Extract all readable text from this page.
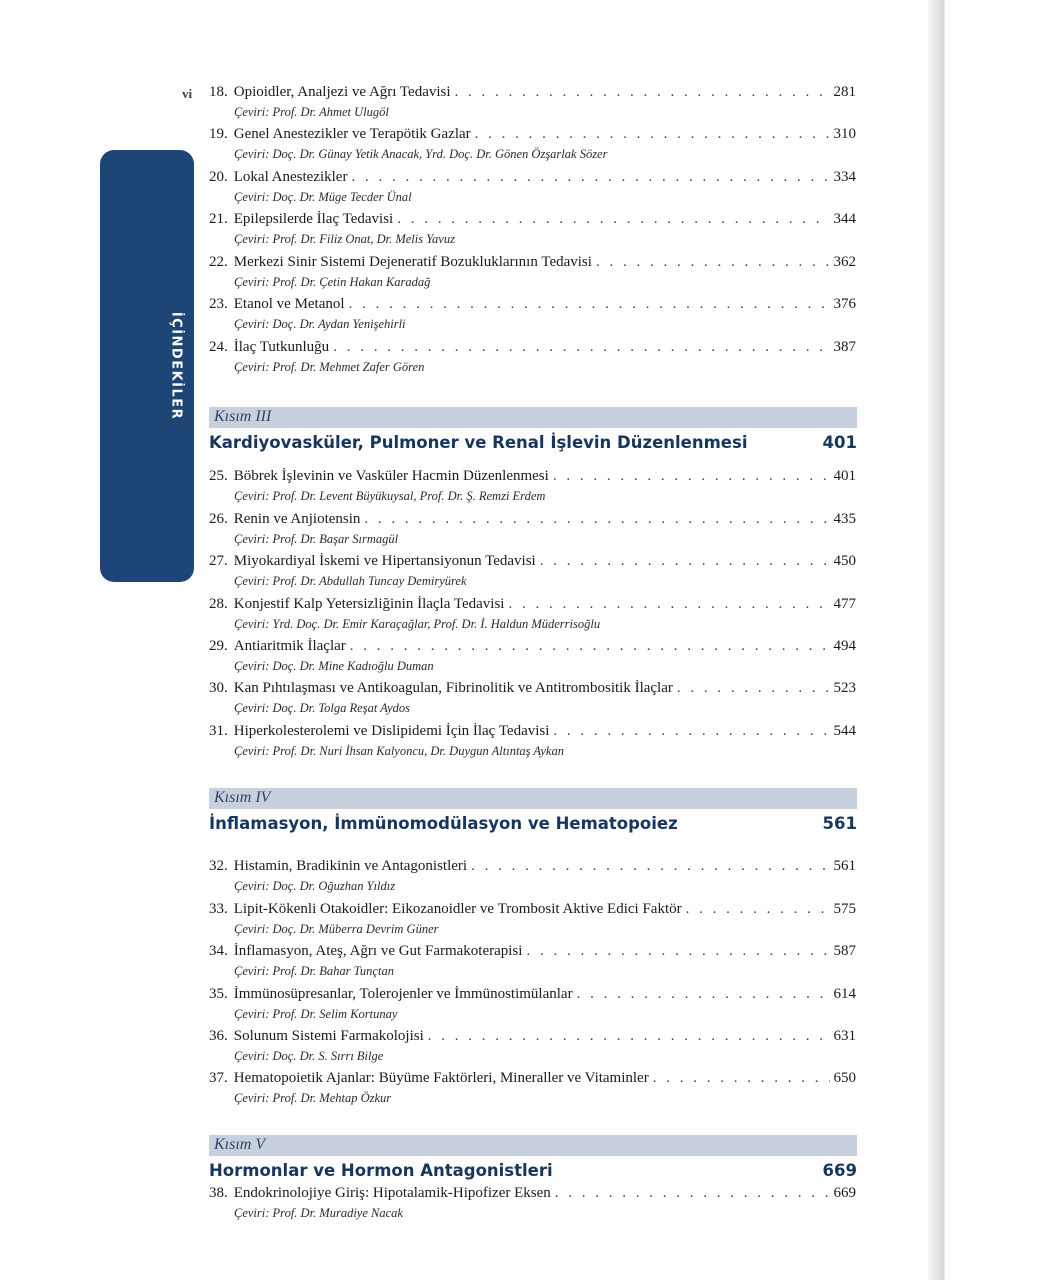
vi
İÇİNDEKİLER
18. Opioidler, Analjezi ve Ağrı Tedavisi . . .	281
Çeviri: Prof. Dr. Ahmet Ulugöl
19. Genel Anestezikler ve Terapötik Gazlar . . .	310
Çeviri: Doç. Dr. Günay Yetik Anacak, Yrd. Doç. Dr. Gönen Özşarlak Sözer
20. Lokal Anestezikler . . .	334
Çeviri: Doç. Dr. Müge Tecder Ünal
21. Epilepsilerde İlaç Tedavisi . . .	344
Çeviri: Prof. Dr. Filiz Onat, Dr. Melis Yavuz
22. Merkezi Sinir Sistemi Dejeneratif Bozukluklarının Tedavisi . . .	362
Çeviri: Prof. Dr. Çetin Hakan Karadağ
23. Etanol ve Metanol . . .	376
Çeviri: Doç. Dr. Aydan Yenişehirli
24. İlaç Tutkunluğu . . .	387
Çeviri: Prof. Dr. Mehmet Zafer Gören
Kısım III
Kardiyovasküler, Pulmoner ve Renal İşlevin Düzenlenmesi	401
25. Böbrek İşlevinin ve Vasküler Hacmin Düzenlenmesi . . .	401
Çeviri: Prof. Dr. Levent Büyükuysal, Prof. Dr. Ş. Remzi Erdem
26. Renin ve Anjiotensin . . .	435
Çeviri: Prof. Dr. Başar Sırmagül
27. Miyokardiyal İskemi ve Hipertansiyonun Tedavisi . . .	450
Çeviri: Prof. Dr. Abdullah Tuncay Demiryürek
28. Konjestif Kalp Yetersizliğinin İlaçla Tedavisi . . .	477
Çeviri: Yrd. Doç. Dr. Emir Karaçağlar, Prof. Dr. İ. Haldun Müderrisoğlu
29. Antiaritmik İlaçlar . . .	494
Çeviri: Doç. Dr. Mine Kadıoğlu Duman
30. Kan Pıhtılaşması ve Antikoagulan, Fibrinolitik ve Antitrombositik İlaçlar . . .	523
Çeviri: Doç. Dr. Tolga Reşat Aydos
31. Hiperkolesterolemi ve Dislipidemi İçin İlaç Tedavisi . . .	544
Çeviri: Prof. Dr. Nuri İhsan Kalyoncu, Dr. Duygun Altıntaş Aykan
Kısım IV
İnflamasyon, İmmünomodülasyon ve Hematopoiez	561
32. Histamin, Bradikinin ve Antagonistleri . . .	561
Çeviri: Doç. Dr. Oğuzhan Yıldız
33. Lipit-Kökenli Otakoidler: Eikozanoidler ve Trombosit Aktive Edici Faktör . . .	575
Çeviri: Doç. Dr. Müberra Devrim Güner
34. İnflamasyon, Ateş, Ağrı ve Gut Farmakoterapisi . . .	587
Çeviri: Prof. Dr. Bahar Tunçtan
35. İmmünosüpresanlar, Tolerojenler ve İmmünostimülanlar . . .	614
Çeviri: Prof. Dr. Selim Kortunay
36. Solunum Sistemi Farmakolojisi . . .	631
Çeviri: Doç. Dr. S. Sırrı Bilge
37. Hematopoietik Ajanlar: Büyüme Faktörleri, Mineraller ve Vitaminler . . .	650
Çeviri: Prof. Dr. Mehtap Özkur
Kısım V
Hormonlar ve Hormon Antagonistleri	669
38. Endokrinolojiye Giriş: Hipotalamik-Hipofizer Eksen . . .	669
Çeviri: Prof. Dr. Muradiye Nacak
